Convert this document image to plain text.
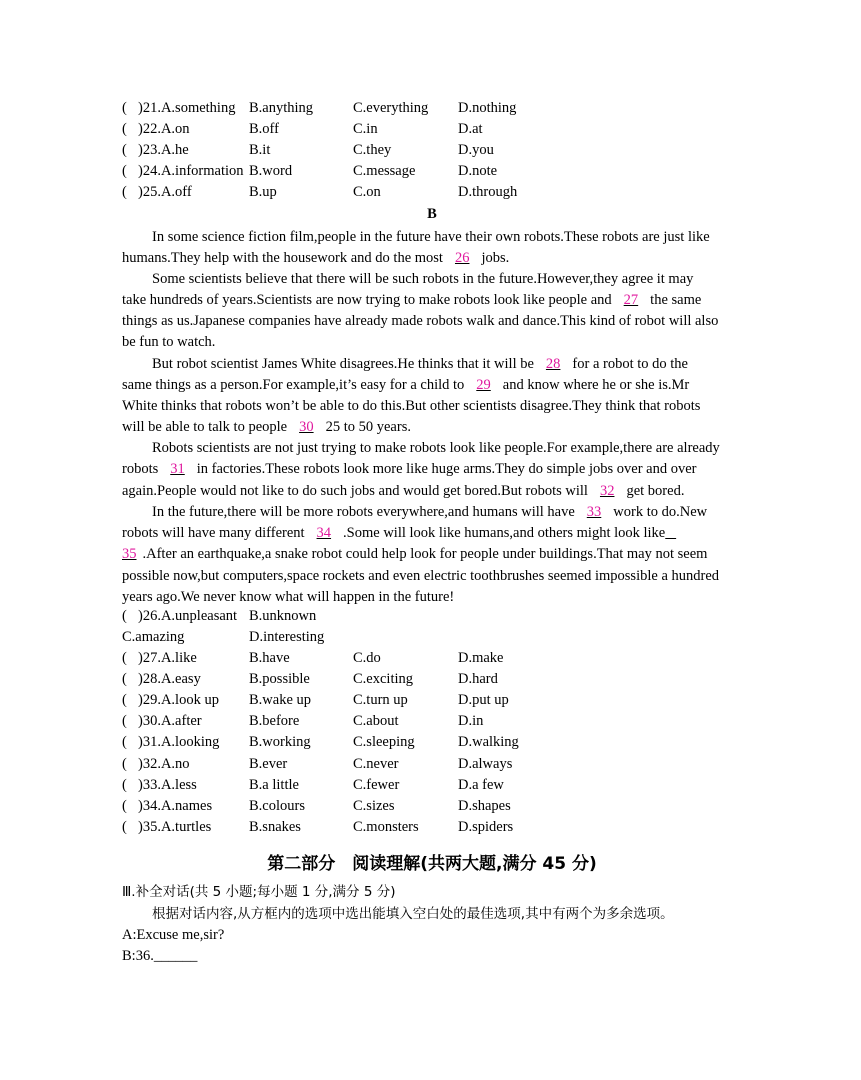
( )21.A.something B.anything	C.everything D.nothing
( )22.A.on	B.off	C.in	D.at
( )23.A.he	B.it	C.they	D.you
( )24.A.information B.word	C.message	D.note
( )25.A.off	B.up	C.on	D.through
B
In some science fiction film,people in the future have their own robots.These robots are just like
humans.They help with the housework and do the most 26 jobs.
Some scientists believe that there will be such robots in the future.However,they agree it may
take hundreds of years.Scientists are now trying to make robots look like people and 27 the same
things as us.Japanese companies have already made robots walk and dance.This kind of robot will also
be fun to watch.
But robot scientist James White disagrees.He thinks that it will be 28 for a robot to do the
same things as a person.For example,it’s easy for a child to 29 and know where he or she is.Mr
White thinks that robots won’t be able to do this.But other scientists disagree.They think that robots
will be able to talk to people 30 25 to 50 years.
Robots scientists are not just trying to make robots look like people.For example,there are already
robots 31 in factories.These robots look more like huge arms.They do simple jobs over and over
again.People would not like to do such jobs and would get bored.But robots will 32 get bored.
In the future,there will be more robots everywhere,and humans will have 33 work to do.New
robots will have many different 34 .Some will look like humans,and others might look like
35 .After an earthquake,a snake robot could help look for people under buildings.That may not seem
possible now,but computers,space rockets and even electric toothbrushes seemed impossible a hundred
years ago.We never know what will happen in the future!
( )26.A.unpleasant B.unknown
C.amazing	D.interesting
( )27.A.like	B.have	C.do	D.make
( )28.A.easy	B.possible	C.exciting	D.hard
( )29.A.look up B.wake up	C.turn up	D.put up
( )30.A.after	B.before	C.about	D.in
( )31.A.looking B.working	C.sleeping	D.walking
( )32.A.no	B.ever	C.never	D.always
( )33.A.less	B.a little	C.fewer	D.a few
( )34.A.names	B.colours	C.sizes	D.shapes
( )35.A.turtles	B.snakes	C.monsters	D.spiders
第二部分　阅读理解(共两大题,满分 45 分)
Ⅲ.补全对话(共 5 小题;每小题 1 分,满分 5 分)
根据对话内容,从方框内的选项中选出能填入空白处的最佳选项,其中有两个为多余选项。
A:Excuse me,sir?
B:36.______
